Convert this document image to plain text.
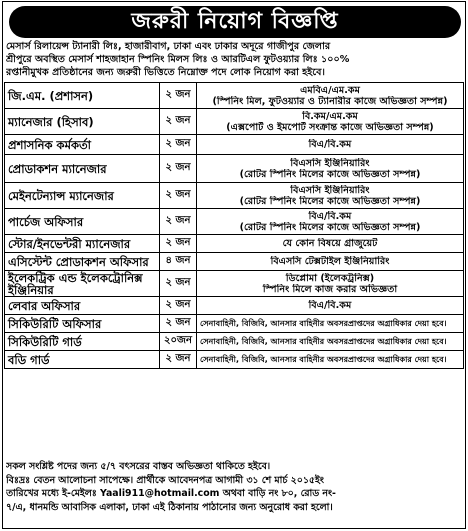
জরুরী নিয়োগ বিজ্ঞপ্তি
মেসার্স রিলায়েন্স ট্যানারী লিঃ, হাজারীবাগ, ঢাকা এবং ঢাকার অদূরে গাজীপুর জেলার
শ্রীপুরে অবস্থিত মেসার্স শাহজাহান স্পিনিং মিলস লিঃ ও আরটিএল ফুটওয়্যার লিঃ ১০০%
রপ্তানীমুখক প্রতিষ্ঠানের জন্য জরুরী ভিত্তিতে নিম্নোক্ত পদে লোক নিয়োগ করা হইবে।
জি.এম. (প্রশাসন)	২ জন	এমবিএ/এম.কম
(স্পিনিং মিল, ফুটওয়্যার ও ট্যানারীর কাজে অভিজ্ঞতা সম্পন্ন)

ম্যানেজার (হিসাব)	২ জন	বি.কম/এম.কম
(এক্সপোর্ট ও ইমপোর্ট সংক্রান্ত কাজে অভিজ্ঞতা সম্পন্ন)

প্রশাসনিক কর্মকর্তা	২ জন	বিএ/বি.কম

প্রোডাকশন ম্যানেজার	২ জন	বিএসসি ইঞ্জিনিয়ারিং
(রোটর স্পিনিং মিলের কাজে অভিজ্ঞতা সম্পন্ন)

মেইনটেন্যান্স ম্যানেজার	২ জন	বিএসসি ইঞ্জিনিয়ারিং
(রোটর স্পিনিং মিলের কাজে অভিজ্ঞতা সম্পন্ন)

পার্চেজ অফিসার	২ জন	বিএ/বি.কম
(রোটর স্পিনিং মিলের কাজে অভিজ্ঞতা সম্পন্ন)

স্টোর/ইনভেন্টরী ম্যানেজার	২ জন	যে কোন বিষয়ে গ্রাজুয়েট

এসিস্টেন্ট প্রোডাকশন অফিসার	৪ জন	বিএসসি টেক্সটাইল ইঞ্জিনিয়ারিং

ইলেকট্রিক এন্ড ইলেকট্রোনিক্স ইঞ্জিনিয়ার	২ জন	ডিপ্লোমা (ইলেকট্রনিক্স)
স্পিনিং মিলে কাজ করার অভিজ্ঞতা

লেবার অফিসার	২ জন	বিএ/বি.কম

সিকিউরিটি অফিসার	২ জন	সেনাবাহিনী, বিজিবি, আনসার বাহিনীর অবসরপ্রাপ্তদের অগ্রাধিকার দেয়া হবে।

সিকিউরিটি গার্ড	২০জন	সেনাবাহিনী, বিজিবি, আনসার বাহিনীর অবসরপ্রাপ্তদের অগ্রাধিকার দেয়া হবে।

বডি গার্ড	২ জন	সেনাবাহিনী, বিজিবি, আনসার বাহিনীর অবসরপ্রাপ্তদের অগ্রাধিকার দেয়া হবে।
সকল সংশ্লিষ্ট পদের জন্য ৫/৭ বৎসরের বাস্তব অভিজ্ঞতা থাকিতে হইবে।
বিঃদ্রঃ বেতন আলোচনা সাপেক্ষে। প্রার্থীকে আবেদনপত্র আগামী ৩১ শে মার্চ ২০১৫ইং
তারিখের মধ্যে ই-মেইলঃ Yaali911@hotmail.com অথবা বাড়ি নং ৮০, রোড নং-
৭/এ, ধানমন্ডি আবাসিক এলাকা, ঢাকা এই ঠিকানায় পাঠানোর জন্য অনুরোধ করা হলো।
